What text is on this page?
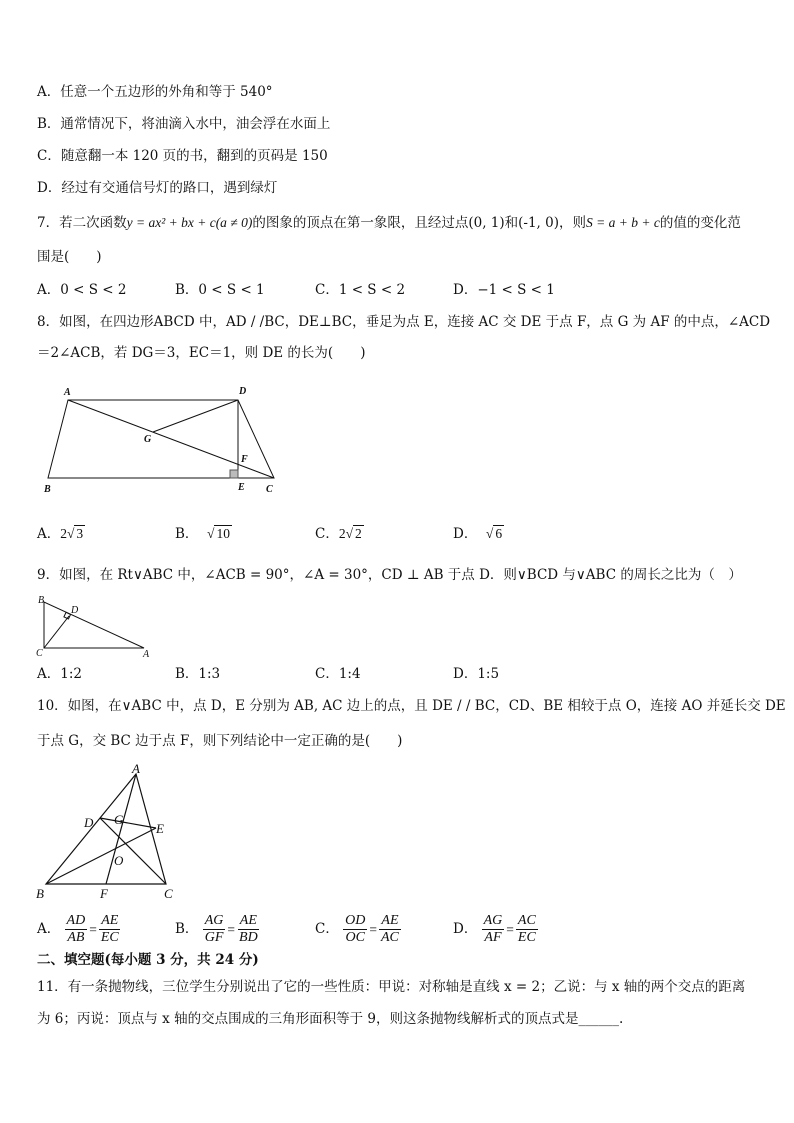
A．任意一个五边形的外角和等于 540°
B．通常情况下，将油滴入水中，油会浮在水面上
C．随意翻一本 120 页的书，翻到的页码是 150
D．经过有交通信号灯的路口，遇到绿灯
7．若二次函数y = ax² + bx + c(a ≠ 0)的图象的顶点在第一象限，且经过点(0, 1)和(-1, 0)，则S = a + b + c的值的变化范
围是(　　)
A．0 < S < 2	B．0 < S < 1	C．1 < S < 2	D．−1 < S < 1
8．如图，在四边形ABCD 中，AD / /BC，DE⊥BC，垂足为点 E，连接 AC 交 DE 于点 F，点 G 为 AF 的中点，∠ACD
＝2∠ACB，若 DG＝3，EC＝1，则 DE 的长为(　　)
A	D
G
F
B	E C
A．2√ 3	B． √ 10	C．2√ 2	D． √ 6
9．如图，在 Rt∨ABC 中，∠ACB = 90°，∠A = 30°，CD ⊥ AB 于点 D．则∨BCD 与∨ABC 的周长之比为（　）
B
D
C	A
A．1:2	B．1:3	C．1:4	D．1:5
10．如图，在∨ABC 中，点 D，E 分别为 AB, AC 边上的点，且 DE / / BC，CD、BE 相较于点 O，连接 AO 并延长交 DE
于点 G，交 BC 边于点 F，则下列结论中一定正确的是(　　)
A
D G
E
O
B	F	C
A． $\frac{AD}{AB} = \frac{AE}{EC}$	B． $\frac{AG}{GF} = \frac{AE}{BD}$	C． $\frac{OD}{OC} = \frac{AE}{AC}$	D． $\frac{AG}{AF} = \frac{AC}{EC}$
二、填空题(每小题 3 分，共 24 分)
11．有一条抛物线，三位学生分别说出了它的一些性质：甲说：对称轴是直线 x = 2；乙说：与 x 轴的两个交点的距离
为 6；丙说：顶点与 x 轴的交点围成的三角形面积等于 9，则这条抛物线解析式的顶点式是______.
